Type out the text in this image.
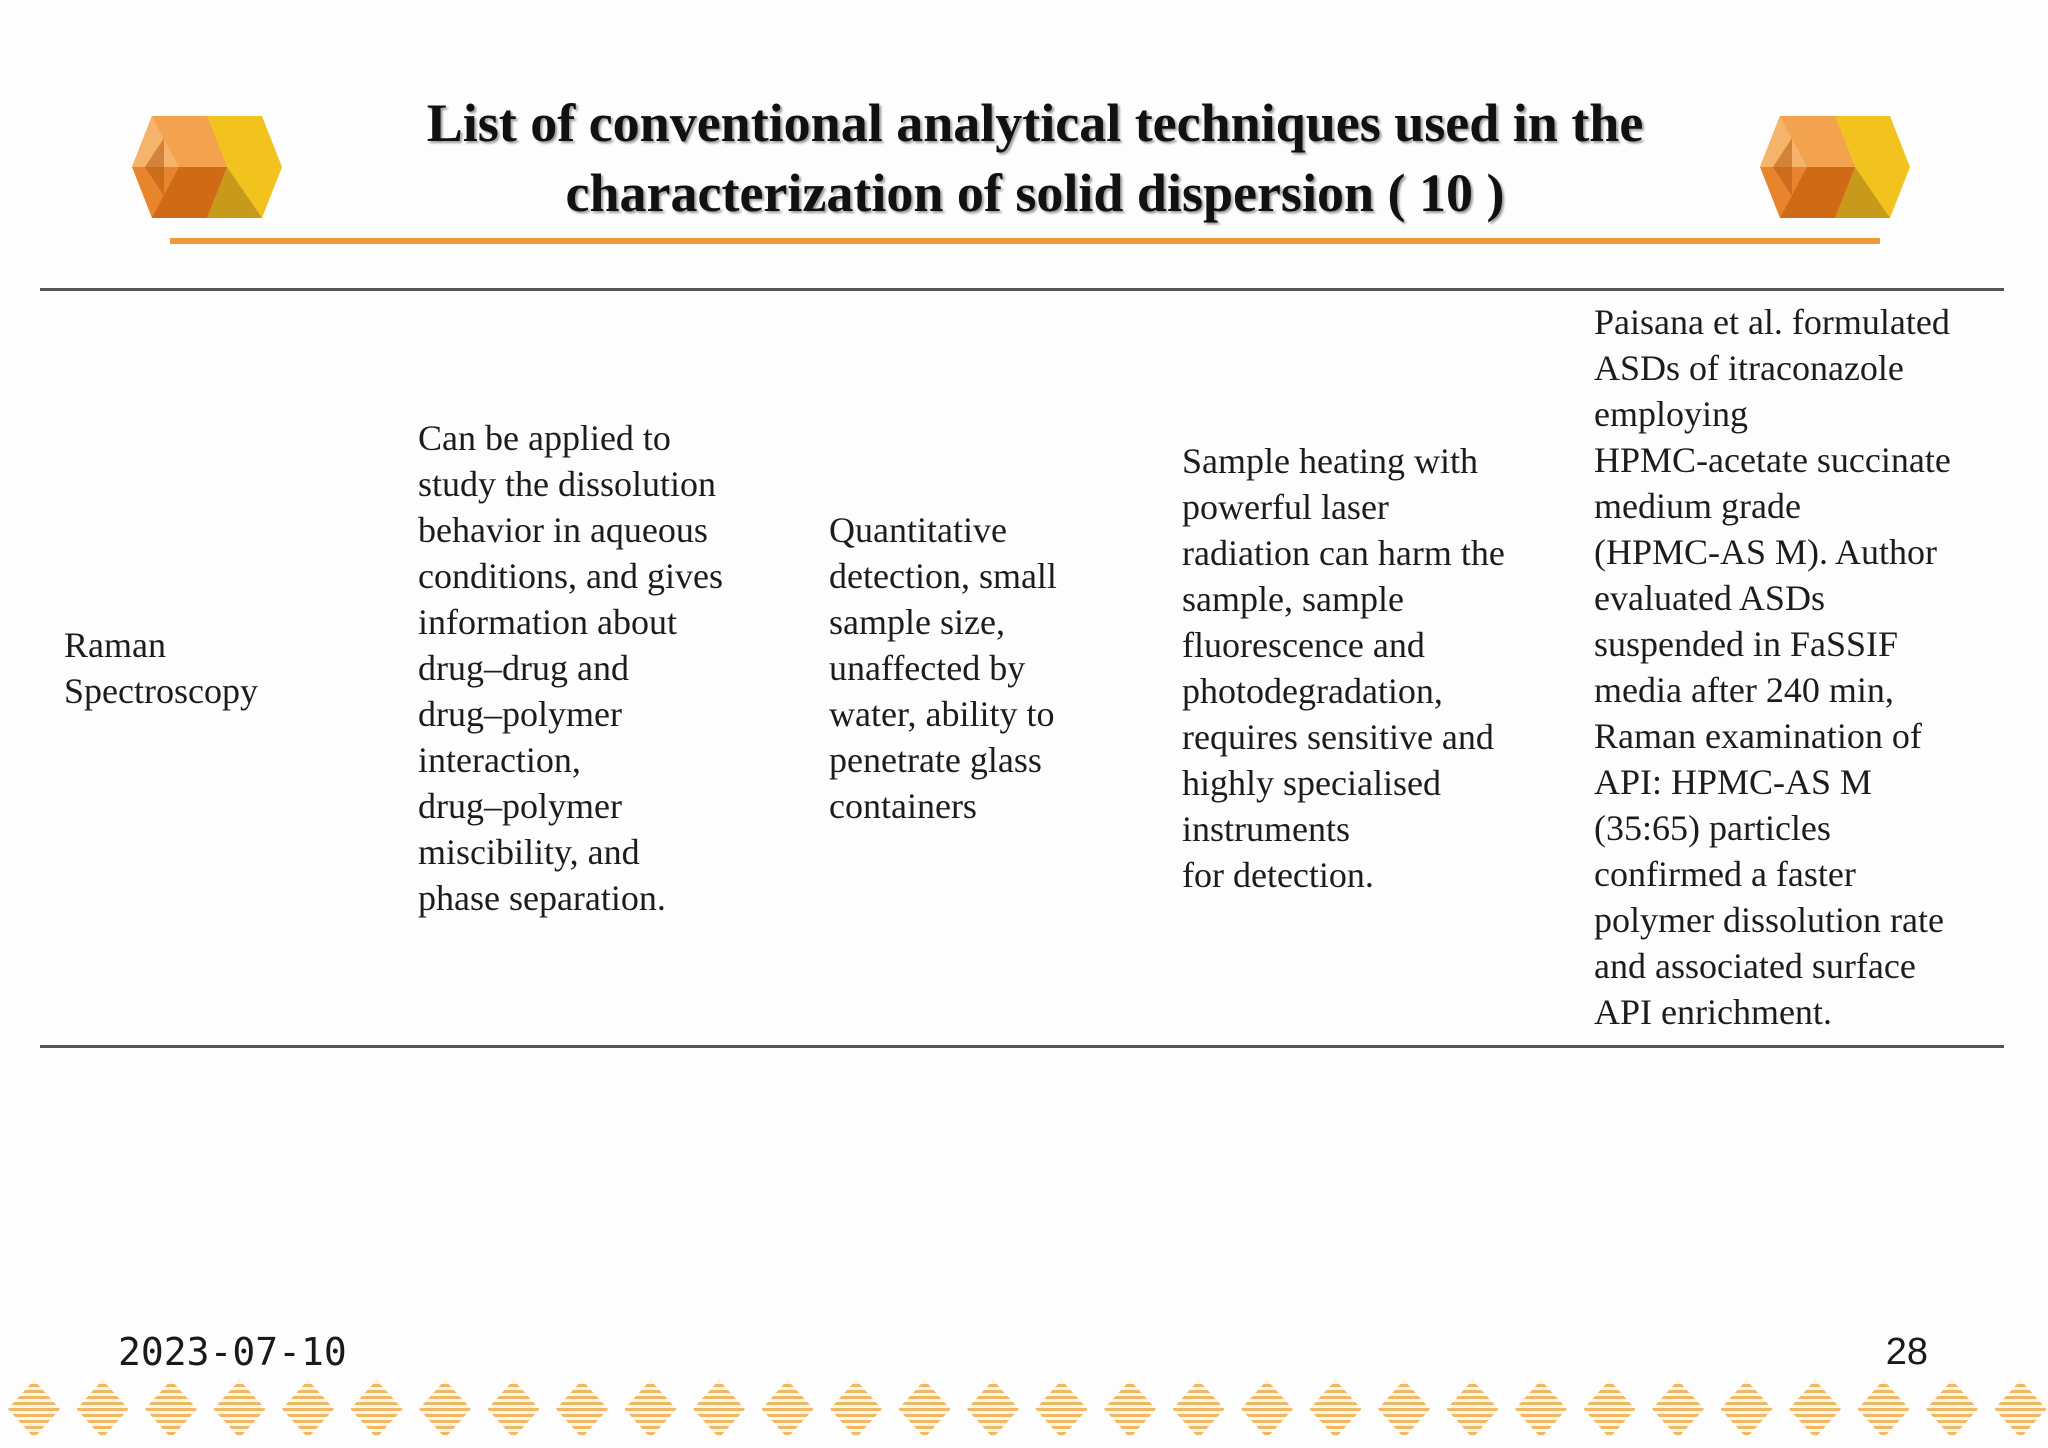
List of conventional analytical techniques used in the
characterization of solid dispersion ( 10 )
Raman
Spectroscopy
Can be applied to
study the dissolution
behavior in aqueous
conditions, and gives
information about
drug–drug and
drug–polymer
interaction,
drug–polymer
miscibility, and
phase separation.
Quantitative
detection, small
sample size,
unaffected by
water, ability to
penetrate glass
containers
Sample heating with
powerful laser
radiation can harm the
sample, sample
fluorescence and
photodegradation,
requires sensitive and
highly specialised
instruments
for detection.
Paisana et al. formulated
ASDs of itraconazole
employing
HPMC-acetate succinate
medium grade
(HPMC-AS M). Author
evaluated ASDs
suspended in FaSSIF
media after 240 min,
Raman examination of
API: HPMC-AS M
(35:65) particles
confirmed a faster
polymer dissolution rate
and associated surface
API enrichment.
2023-07-10	28
